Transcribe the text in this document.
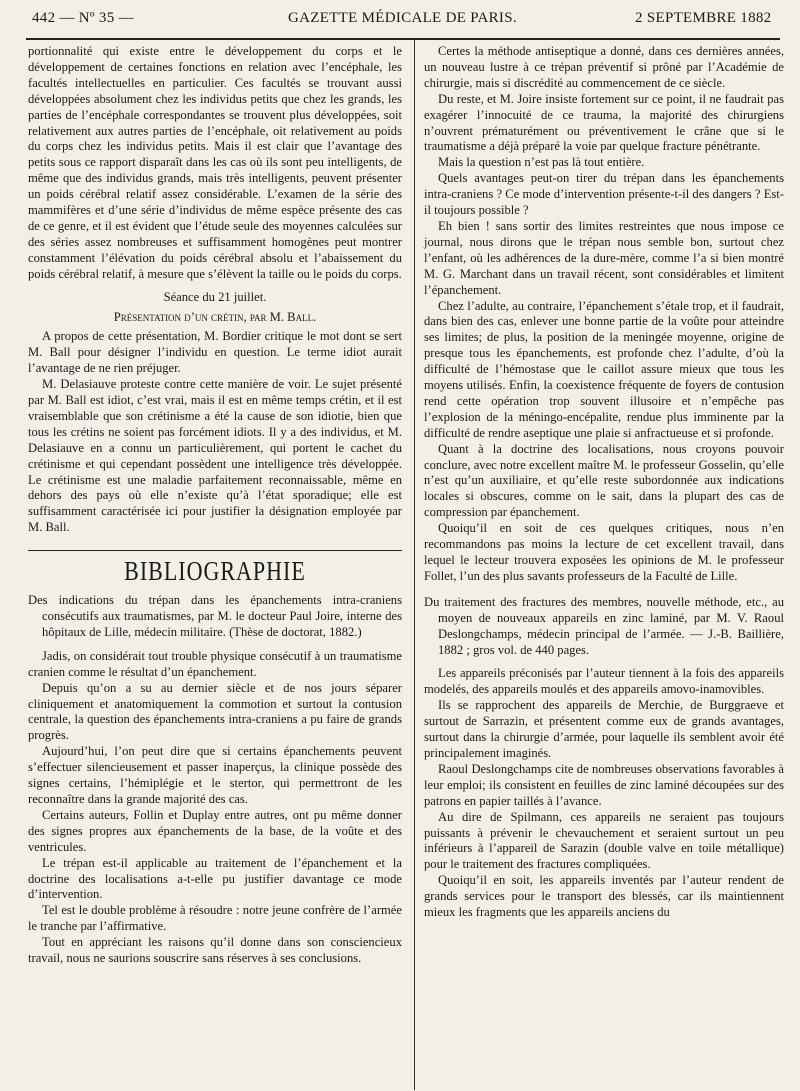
442 — Nº 35 —	GAZETTE MÉDICALE DE PARIS.	2 SEPTEMBRE 1882

portionnalité qui existe entre le développement du corps et le développement de certaines fonctions en relation avec l’encéphale, les facultés intellectuelles en particulier. Ces facultés se trouvant aussi développées absolument chez les individus petits que chez les grands, les parties de l’encéphale correspondantes se trouvent plus développées, soit relativement aux autres parties de l’encéphale, oit relativement au poids du corps chez les individus petits. Mais il est clair que l’avantage des petits sous ce rapport disparaît dans les cas où ils sont peu intelligents, de même que des individus grands, mais très intelligents, peuvent présenter un poids cérébral relatif assez considérable. L’examen de la série des mammifères et d’une série d’individus de même espèce présente des cas de ce genre, et il est évident que l’étude seule des moyennes calculées sur des séries assez nombreuses et suffisamment homogènes peut montrer constamment l’élévation du poids cérébral absolu et l’abaissement du poids cérébral relatif, à mesure que s’élèvent la taille ou le poids du corps.

Séance du 21 juillet.

Présentation d’un crétin, par M. Ball.

A propos de cette présentation, M. Bordier critique le mot dont se sert M. Ball pour désigner l’individu en question. Le terme idiot aurait l’avantage de ne rien préjuger.

M. Delasiauve proteste contre cette manière de voir. Le sujet présenté par M. Ball est idiot, c’est vrai, mais il est en même temps crétin, et il est vraisemblable que son crétinisme a été la cause de son idiotie, bien que tous les crétins ne soient pas forcément idiots. Il y a des individus, et M. Delasiauve en a connu un particulièrement, qui portent le cachet du crétinisme et qui cependant possèdent une intelligence très développée. Le crétinisme est une maladie parfaitement reconnaissable, même en dehors des pays où elle n’existe qu’à l’état sporadique; elle est suffisamment caractérisée ici pour justifier la désignation employée par M. Ball.

BIBLIOGRAPHIE

Des indications du trépan dans les épanchements intra-craniens consécutifs aux traumatismes, par M. le docteur Paul Joire, interne des hôpitaux de Lille, médecin militaire. (Thèse de doctorat, 1882.)

Jadis, on considérait tout trouble physique consécutif à un traumatisme cranien comme le résultat d’un épanchement.

Depuis qu’on a su au dernier siècle et de nos jours séparer cliniquement et anatomiquement la commotion et surtout la contusion centrale, la question des épanchements intra-craniens a pu faire de grands progrès.

Aujourd’hui, l’on peut dire que si certains épanchements peuvent s’effectuer silencieusement et passer inaperçus, la clinique possède des signes certains, l’hémiplégie et le stertor, qui permettront de les reconnaître dans la grande majorité des cas.

Certains auteurs, Follin et Duplay entre autres, ont pu même donner des signes propres aux épanchements de la base, de la voûte et des ventricules.

Le trépan est-il applicable au traitement de l’épanchement et la doctrine des localisations a-t-elle pu justifier davantage ce mode d’intervention.

Tel est le double problème à résoudre : notre jeune confrère de l’armée le tranche par l’affirmative.

Tout en appréciant les raisons qu’il donne dans son consciencieux travail, nous ne saurions souscrire sans réserves à ses conclusions.

Certes la méthode antiseptique a donné, dans ces dernières années, un nouveau lustre à ce trépan préventif si prôné par l’Académie de chirurgie, mais si discrédité au commencement de ce siècle.

Du reste, et M. Joire insiste fortement sur ce point, il ne faudrait pas exagérer l’innocuité de ce trauma, la majorité des chirurgiens n’ouvrent prématurément ou préventivement le crâne que si le traumatisme a déjà préparé la voie par quelque fracture pénétrante.

Mais la question n’est pas là tout entière.

Quels avantages peut-on tirer du trépan dans les épanchements intra-craniens ? Ce mode d’intervention présente-t-il des dangers ? Est-il toujours possible ?

Eh bien ! sans sortir des limites restreintes que nous impose ce journal, nous dirons que le trépan nous semble bon, surtout chez l’enfant, où les adhérences de la dure-mère, comme l’a si bien montré M. G. Marchant dans un travail récent, sont considérables et limitent l’épanchement.

Chez l’adulte, au contraire, l’épanchement s’étale trop, et il faudrait, dans bien des cas, enlever une bonne partie de la voûte pour atteindre ses limites; de plus, la position de la meningée moyenne, origine de presque tous les épanchements, est profonde chez l’adulte, d’où la difficulté de l’hémostase que le caillot assure mieux que tous les moyens utilisés. Enfin, la coexistence fréquente de foyers de contusion rend cette opération trop souvent illusoire et n’empêche pas l’explosion de la méningo-encépalite, rendue plus imminente par la difficulté de rendre aseptique une plaie si anfractueuse et si profonde.

Quant à la doctrine des localisations, nous croyons pouvoir conclure, avec notre excellent maître M. le professeur Gosselin, qu’elle n’est qu’un auxiliaire, et qu’elle reste subordonnée aux indications locales si obscures, comme on le sait, dans la plupart des cas de compression par épanchement.

Quoiqu’il en soit de ces quelques critiques, nous n’en recommandons pas moins la lecture de cet excellent travail, dans lequel le lecteur trouvera exposées les opinions de M. le professeur Follet, l’un des plus savants professeurs de la Faculté de Lille.

Du traitement des fractures des membres, nouvelle méthode, etc., au moyen de nouveaux appareils en zinc laminé, par M. V. Raoul Deslongchamps, médecin principal de l’armée. — J.-B. Baillière, 1882 ; gros vol. de 440 pages.

Les appareils préconisés par l’auteur tiennent à la fois des appareils modelés, des appareils moulés et des appareils amovo-inamovibles.

Ils se rapprochent des appareils de Merchie, de Burggraeve et surtout de Sarrazin, et présentent comme eux de grands avantages, surtout dans la chirurgie d’armée, pour laquelle ils semblent avoir été principalement imaginés.

Raoul Deslongchamps cite de nombreuses observations favorables à leur emploi; ils consistent en feuilles de zinc laminé découpées sur des patrons en papier taillés à l’avance.

Au dire de Spilmann, ces appareils ne seraient pas toujours puissants à prévenir le chevauchement et seraient surtout un peu inférieurs à l’appareil de Sarazin (double valve en toile métallique) pour le traitement des fractures compliquées.

Quoiqu’il en soit, les appareils inventés par l’auteur rendent de grands services pour le transport des blessés, car ils maintiennent mieux les fragments que les appareils anciens du
